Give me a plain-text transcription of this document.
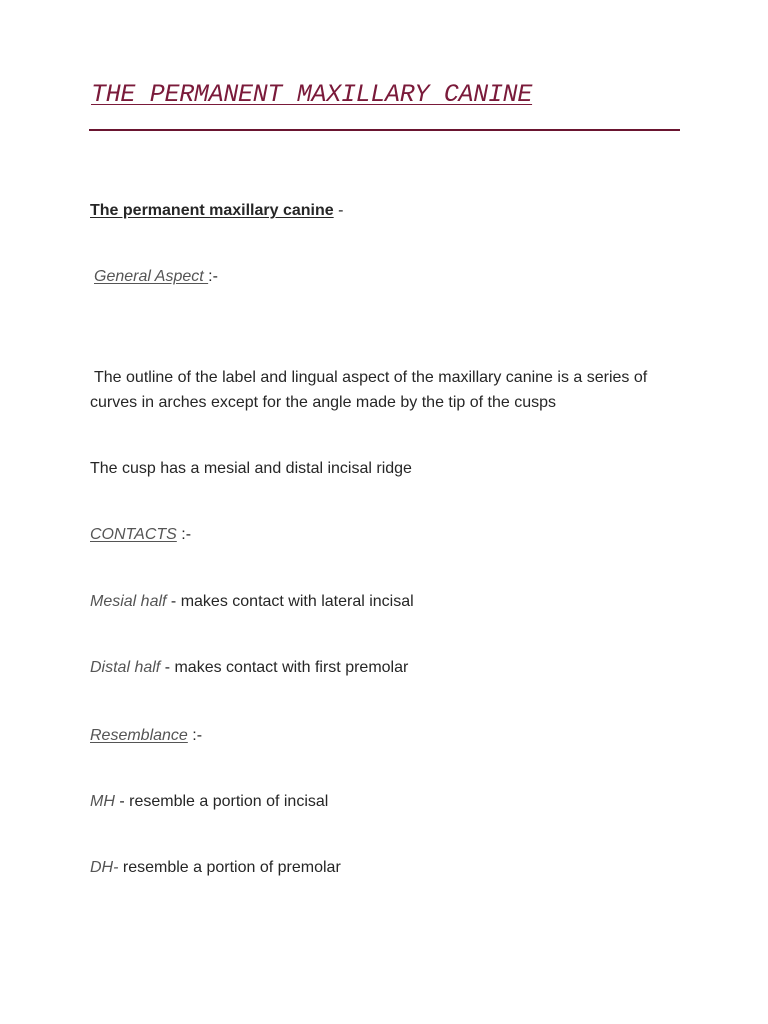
THE PERMANENT MAXILLARY CANINE
The permanent maxillary canine -
General Aspect :-
The outline of the label and lingual aspect of the maxillary canine is a series of curves in arches except for the angle made by the tip of the cusps
The cusp has a mesial and distal incisal ridge
CONTACTS :-
Mesial half - makes contact with lateral incisal
Distal half - makes contact with first premolar
Resemblance :-
MH - resemble a portion of incisal
DH- resemble a portion of premolar
